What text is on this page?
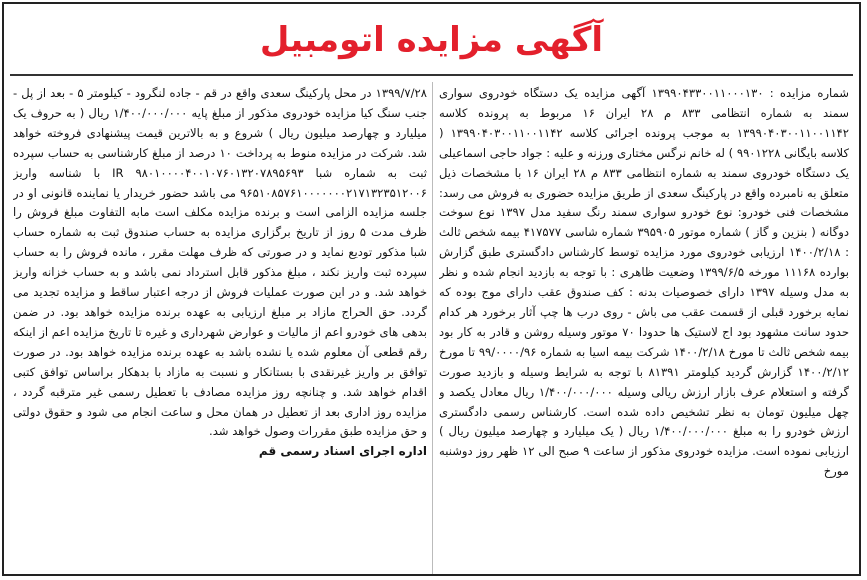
آگهی مزایده اتومبیل

شماره مزایده : ۱۳۹۹۰۴۳۳۰۰۱۱۰۰۰۱۳۰ آگهی مزایده یک دستگاه خودروی سواری سمند به شماره انتظامی ۸۳۳ م ۲۸ ایران ۱۶ مربوط به پرونده کلاسه ۱۳۹۹۰۴۰۳۰۰۱۱۰۰۱۱۴۲ به موجب پرونده اجرائی کلاسه ۱۳۹۹۰۴۰۳۰۰۱۱۰۰۱۱۴۲ ( کلاسه بایگانی ۹۹۰۱۲۲۸ ) له خانم نرگس مختاری ورزنه و علیه : جواد حاجی اسماعیلی یک دستگاه خودروی سمند به شماره انتظامی ۸۳۳ م ۲۸ ایران ۱۶ با مشخصات ذیل متعلق به نامبرده واقع در پارکینگ سعدی از طریق مزایده حضوری به فروش می رسد: مشخصات فنی خودرو: نوع خودرو سواری سمند رنگ سفید مدل ۱۳۹۷ نوع سوخت دوگانه ( بنزین و گاز ) شماره موتور ۳۹۵۹۰۵ شماره شاسی ۴۱۷۵۷۷ بیمه شخص ثالث : ۱۴۰۰/۲/۱۸ ارزیابی خودروی مورد مزایده توسط کارشناس دادگستری طبق گزارش بوارده ۱۱۱۶۸ مورخه ۱۳۹۹/۶/۵ وضعیت ظاهری : با توجه به بازدید انجام شده و نظر به مدل وسیله ۱۳۹۷ دارای خصوصیات بدنه : کف صندوق عقب دارای موج بوده که نمایه برخورد قبلی از قسمت عقب می باش - روی درب ها چپ آثار برخورد هر کدام حدود سانت مشهود بود اج لاستیک ها حدودا ۷۰ موتور وسیله روشن و قادر به کار بود بیمه شخص ثالث تا مورخ ۱۴۰۰/۲/۱۸ شرکت بیمه اسیا به شماره ۹۹/۰۰۰۰/۹۶ تا مورخ ۱۴۰۰/۲/۱۲ گزارش گردید کیلومتر ۸۱۳۹۱ با توجه به شرایط وسیله و بازدید صورت گرفته و استعلام عرف بازار ارزش ریالی وسیله ۱/۴۰۰/۰۰۰/۰۰۰ ریال معادل یکصد و چهل میلیون تومان به نظر تشخیص داده شده است. کارشناس رسمی دادگستری ارزش خودرو را به مبلغ ۱/۴۰۰/۰۰۰/۰۰۰ ریال ( یک میلیارد و چهارصد میلیون ریال ) ارزیابی نموده است. مزایده خودروی مذکور از ساعت ۹ صبح الی ۱۲ ظهر روز دوشنبه مورخ

۱۳۹۹/۷/۲۸ در محل پارکینگ سعدی واقع در قم - جاده لنگرود - کیلومتر ۵ - بعد از پل - جنب سنگ کیا مزایده خودروی مذکور از مبلغ پایه ۱/۴۰۰/۰۰۰/۰۰۰ ریال ( به حروف یک میلیارد و چهارصد میلیون ریال ) شروع و به بالاترین قیمت پیشنهادی فروخته خواهد شد. شرکت در مزایده منوط به پرداخت ۱۰ درصد از مبلغ کارشناسی به حساب سپرده ثبت به شماره شبا IR ۹۸۰۱۰۰۰۰۴۰۰۱۰۷۶۰۱۳۲۰۷۸۹۵۶۹۳ با شناسه واریز ۹۶۵۱۰۸۵۷۶۱۰۰۰۰۰۰۰۲۱۷۱۳۲۳۵۱۲۰۰۶ می باشد حضور خریدار یا نماینده قانونی او در جلسه مزایده الزامی است و برنده مزایده مکلف است مابه التفاوت مبلغ فروش را ظرف مدت ۵ روز از تاریخ برگزاری مزایده به حساب صندوق ثبت به شماره حساب شبا مذکور تودیع نماید و در صورتی که ظرف مهلت مقرر ، مانده فروش را به حساب سپرده ثبت واریز نکند ، مبلغ مذکور قابل استرداد نمی باشد و به حساب خزانه واریز خواهد شد. و در این صورت عملیات فروش از درجه اعتبار ساقط و مزایده تجدید می گردد. حق الحراج مازاد بر مبلغ ارزیابی به عهده برنده مزایده خواهد بود. در ضمن بدهی های خودرو اعم از مالیات و عوارض شهرداری و غیره تا تاریخ مزایده اعم از اینکه رقم قطعی آن معلوم شده یا نشده باشد به عهده برنده مزایده خواهد بود. در صورت توافق بر واریز غیرنقدی با بستانکار و نسبت به مازاد با بدهکار براساس توافق کتبی اقدام خواهد شد. و چنانچه روز مزایده مصادف با تعطیل رسمی غیر مترقبه گردد ، مزایده روز اداری بعد از تعطیل در همان محل و ساعت انجام می شود و حقوق دولتی و حق مزایده طبق مقررات وصول خواهد شد.

اداره اجرای اسناد رسمی قم
